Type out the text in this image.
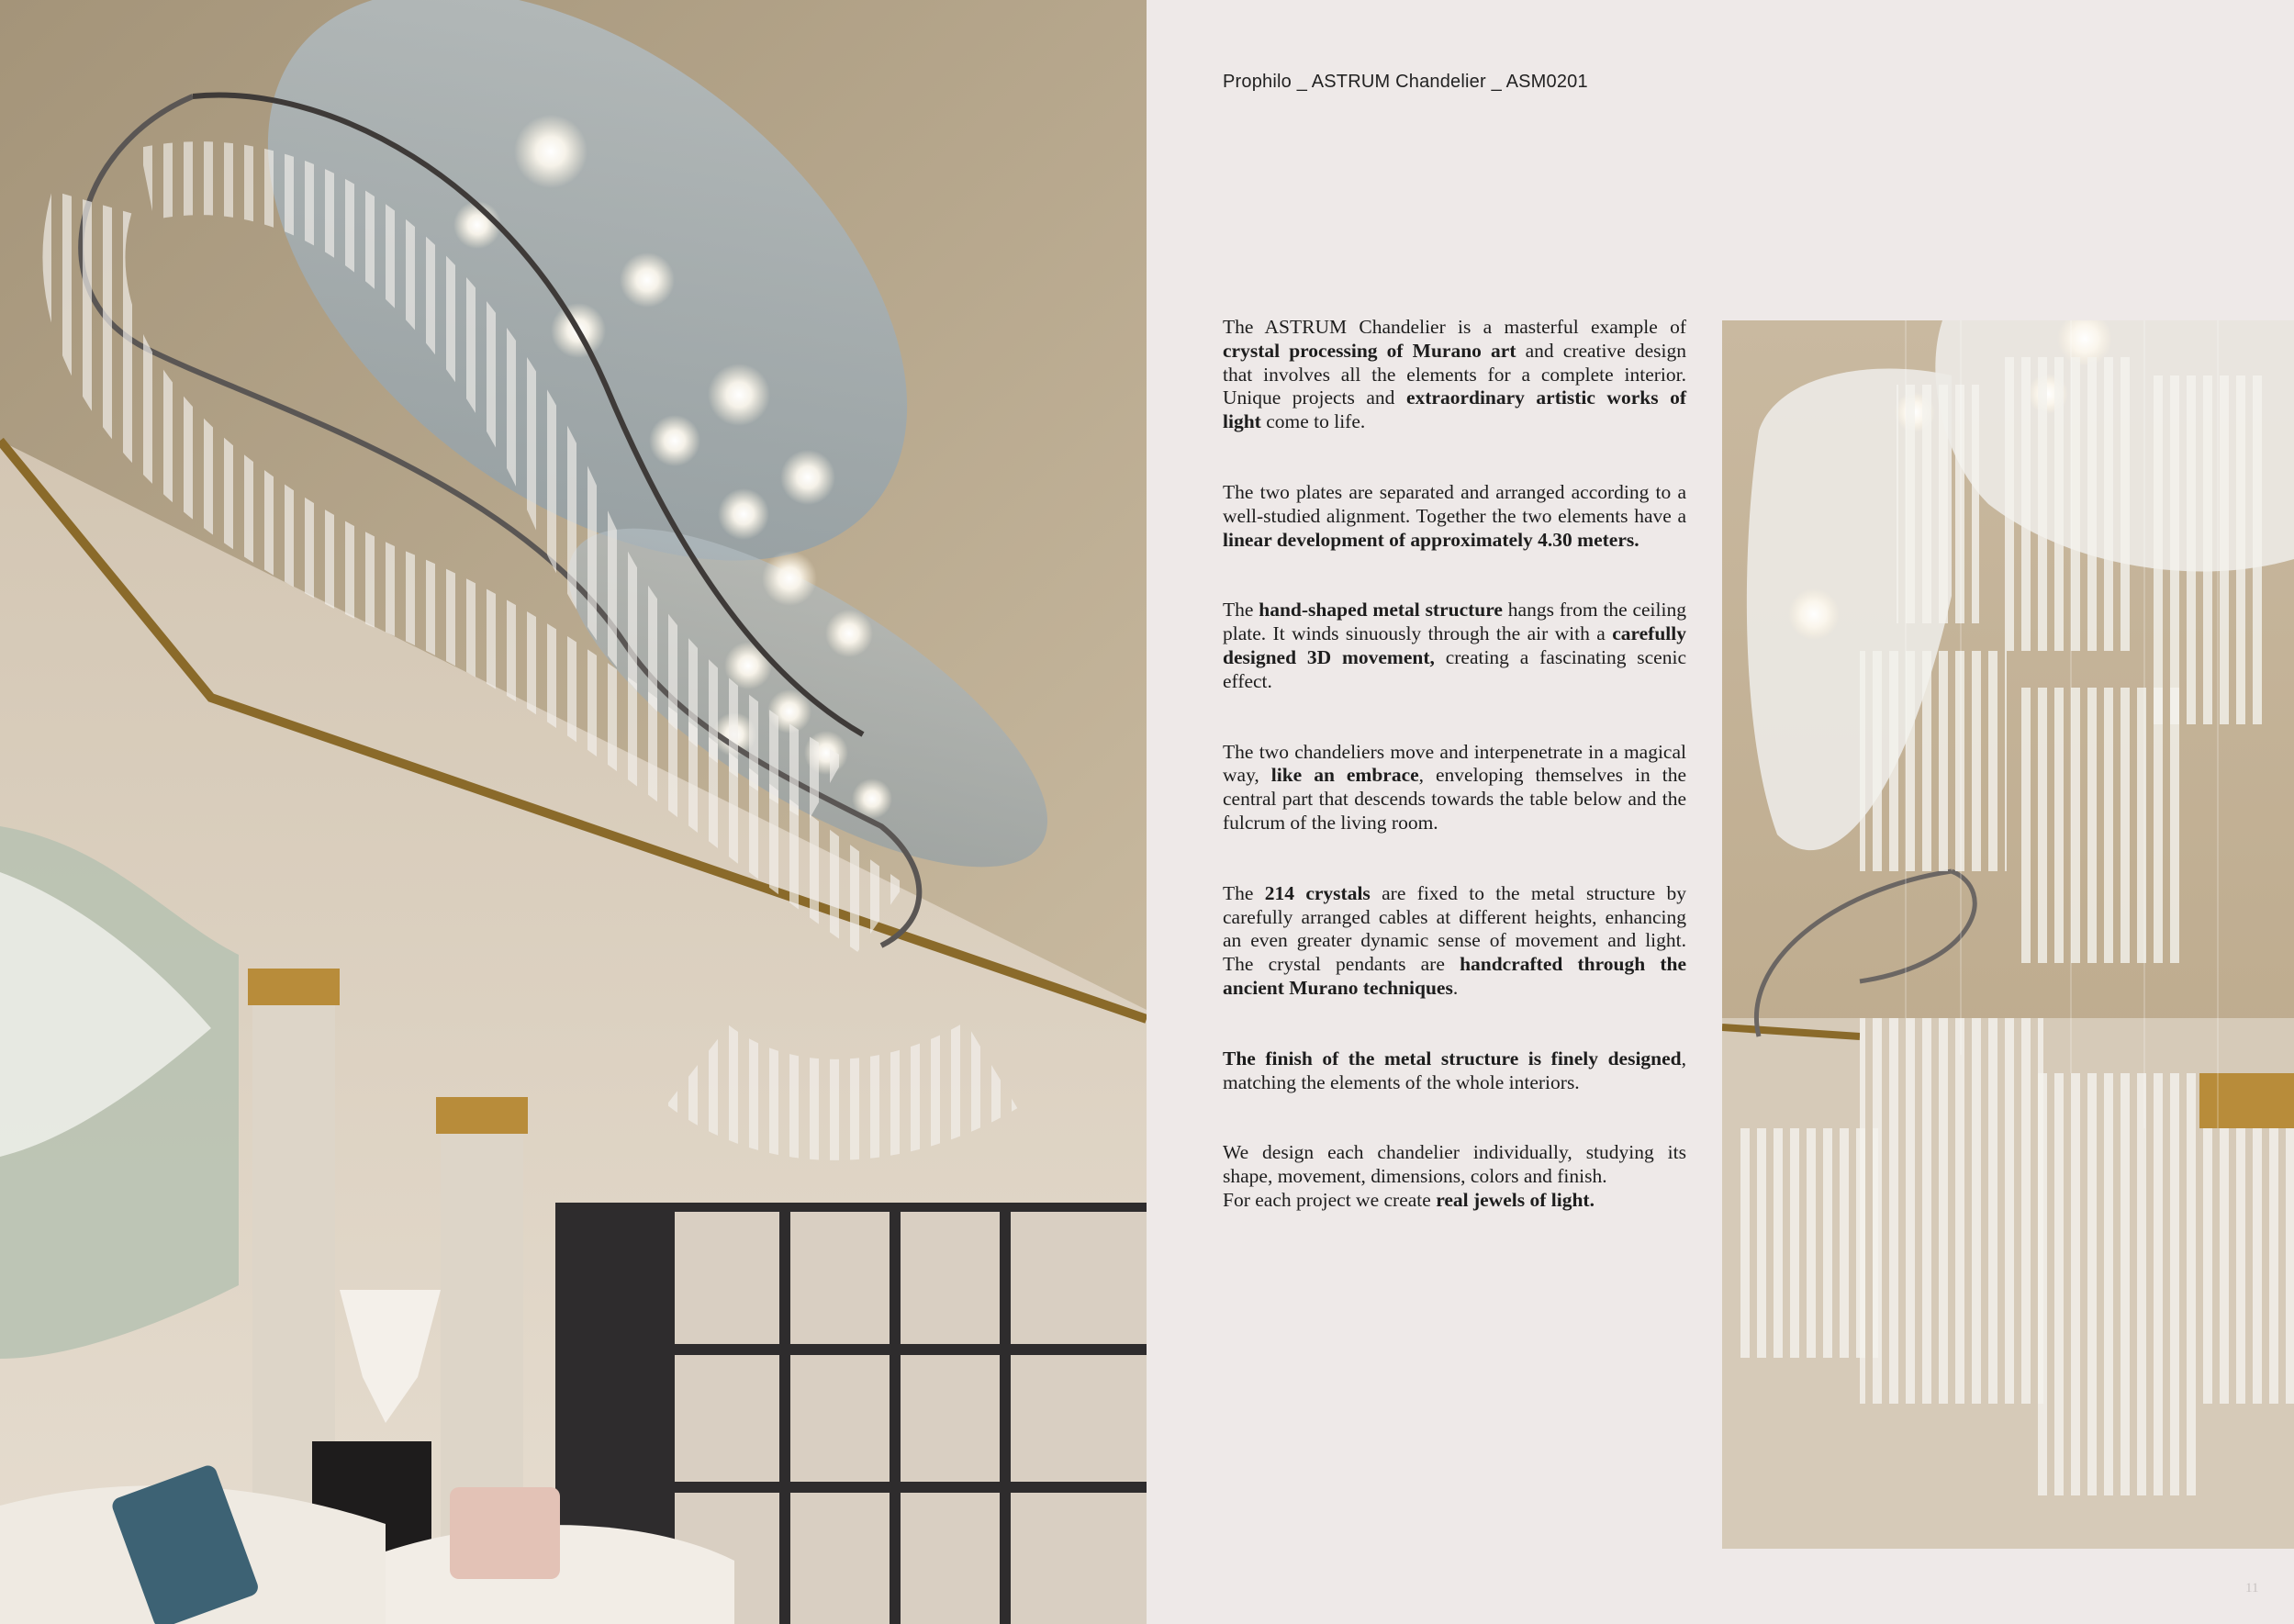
Prophilo _ ASTRUM Chandelier _ ASM0201

The ASTRUM Chandelier is a masterful example of crystal processing of Murano art and creative design that involves all the elements for a complete interior. Unique projects and extraordinary artistic works of light come to life.

The two plates are separated and arranged according to a well-studied alignment. Together the two elements have a linear development of approximately 4.30 meters.

The hand-shaped metal structure hangs from the ceiling plate. It winds sinuously through the air with a carefully designed 3D movement, creating a fascinating scenic effect.

The two chandeliers move and interpenetrate in a magical way, like an embrace, enveloping themselves in the central part that descends towards the table below and the fulcrum of the living room.

The 214 crystals are fixed to the metal structure by carefully arranged cables at different heights, enhancing an even greater dynamic sense of movement and light. The crystal pendants are handcrafted through the ancient Murano techniques.

The finish of the metal structure is finely designed, matching the elements of the whole interiors.

We design each chandelier individually, studying its shape, movement, dimensions, colors and finish.
For each project we create real jewels of light.

11
